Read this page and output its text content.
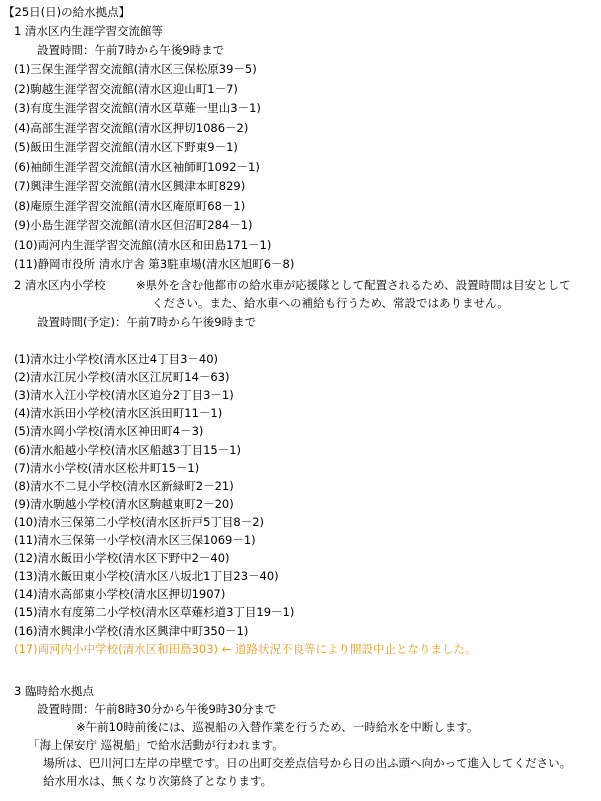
【25日(日)の給水拠点】
1 清水区内生涯学習交流館等
設置時間：午前7時から午後9時まで
(1)三保生涯学習交流館(清水区三保松原39－5)
(2)駒越生涯学習交流館(清水区迎山町1－7)
(3)有度生涯学習交流館(清水区草薙一里山3－1)
(4)高部生涯学習交流館(清水区押切1086－2)
(5)飯田生涯学習交流館(清水区下野東9－1)
(6)袖師生涯学習交流館(清水区袖師町1092－1)
(7)興津生涯学習交流館(清水区興津本町829)
(8)庵原生涯学習交流館(清水区庵原町68－1)
(9)小島生涯学習交流館(清水区但沼町284－1)
(10)両河内生涯学習交流館(清水区和田島171－1)
(11)静岡市役所 清水庁舎 第3駐車場(清水区旭町6－8)
2 清水区内小学校	※県外を含む他都市の給水車が応援隊として配置されるため、設置時間は目安として
ください。また、給水車への補給も行うため、常設ではありません。
設置時間(予定)：午前7時から午後9時まで
(1)清水辻小学校(清水区辻4丁目3－40)
(2)清水江尻小学校(清水区江尻町14－63)
(3)清水入江小学校(清水区追分2丁目3－1)
(4)清水浜田小学校(清水区浜田町11－1)
(5)清水岡小学校(清水区神田町4－3)
(6)清水船越小学校(清水区船越3丁目15－1)
(7)清水小学校(清水区松井町15－1)
(8)清水不二見小学校(清水区新緑町2－21)
(9)清水駒越小学校(清水区駒越東町2－20)
(10)清水三保第二小学校(清水区折戸5丁目8－2)
(11)清水三保第一小学校(清水区三保1069－1)
(12)清水飯田小学校(清水区下野中2－40)
(13)清水飯田東小学校(清水区八坂北1丁目23－40)
(14)清水高部東小学校(清水区押切1907)
(15)清水有度第二小学校(清水区草薙杉道3丁目19－1)
(16)清水興津小学校(清水区興津中町350－1)
(17)両河内小中学校(清水区和田島303) ← 道路状況不良等により開設中止となりました。
3 臨時給水拠点
設置時間：午前8時30分から午後9時30分まで
※午前10時前後には、巡視船の入替作業を行うため、一時給水を中断します。
「海上保安庁 巡視船」で給水活動が行われます。
場所は、巴川河口左岸の岸壁です。日の出町交差点信号から日の出ふ頭へ向かって進入してください。
給水用水は、無くなり次第終了となります。
